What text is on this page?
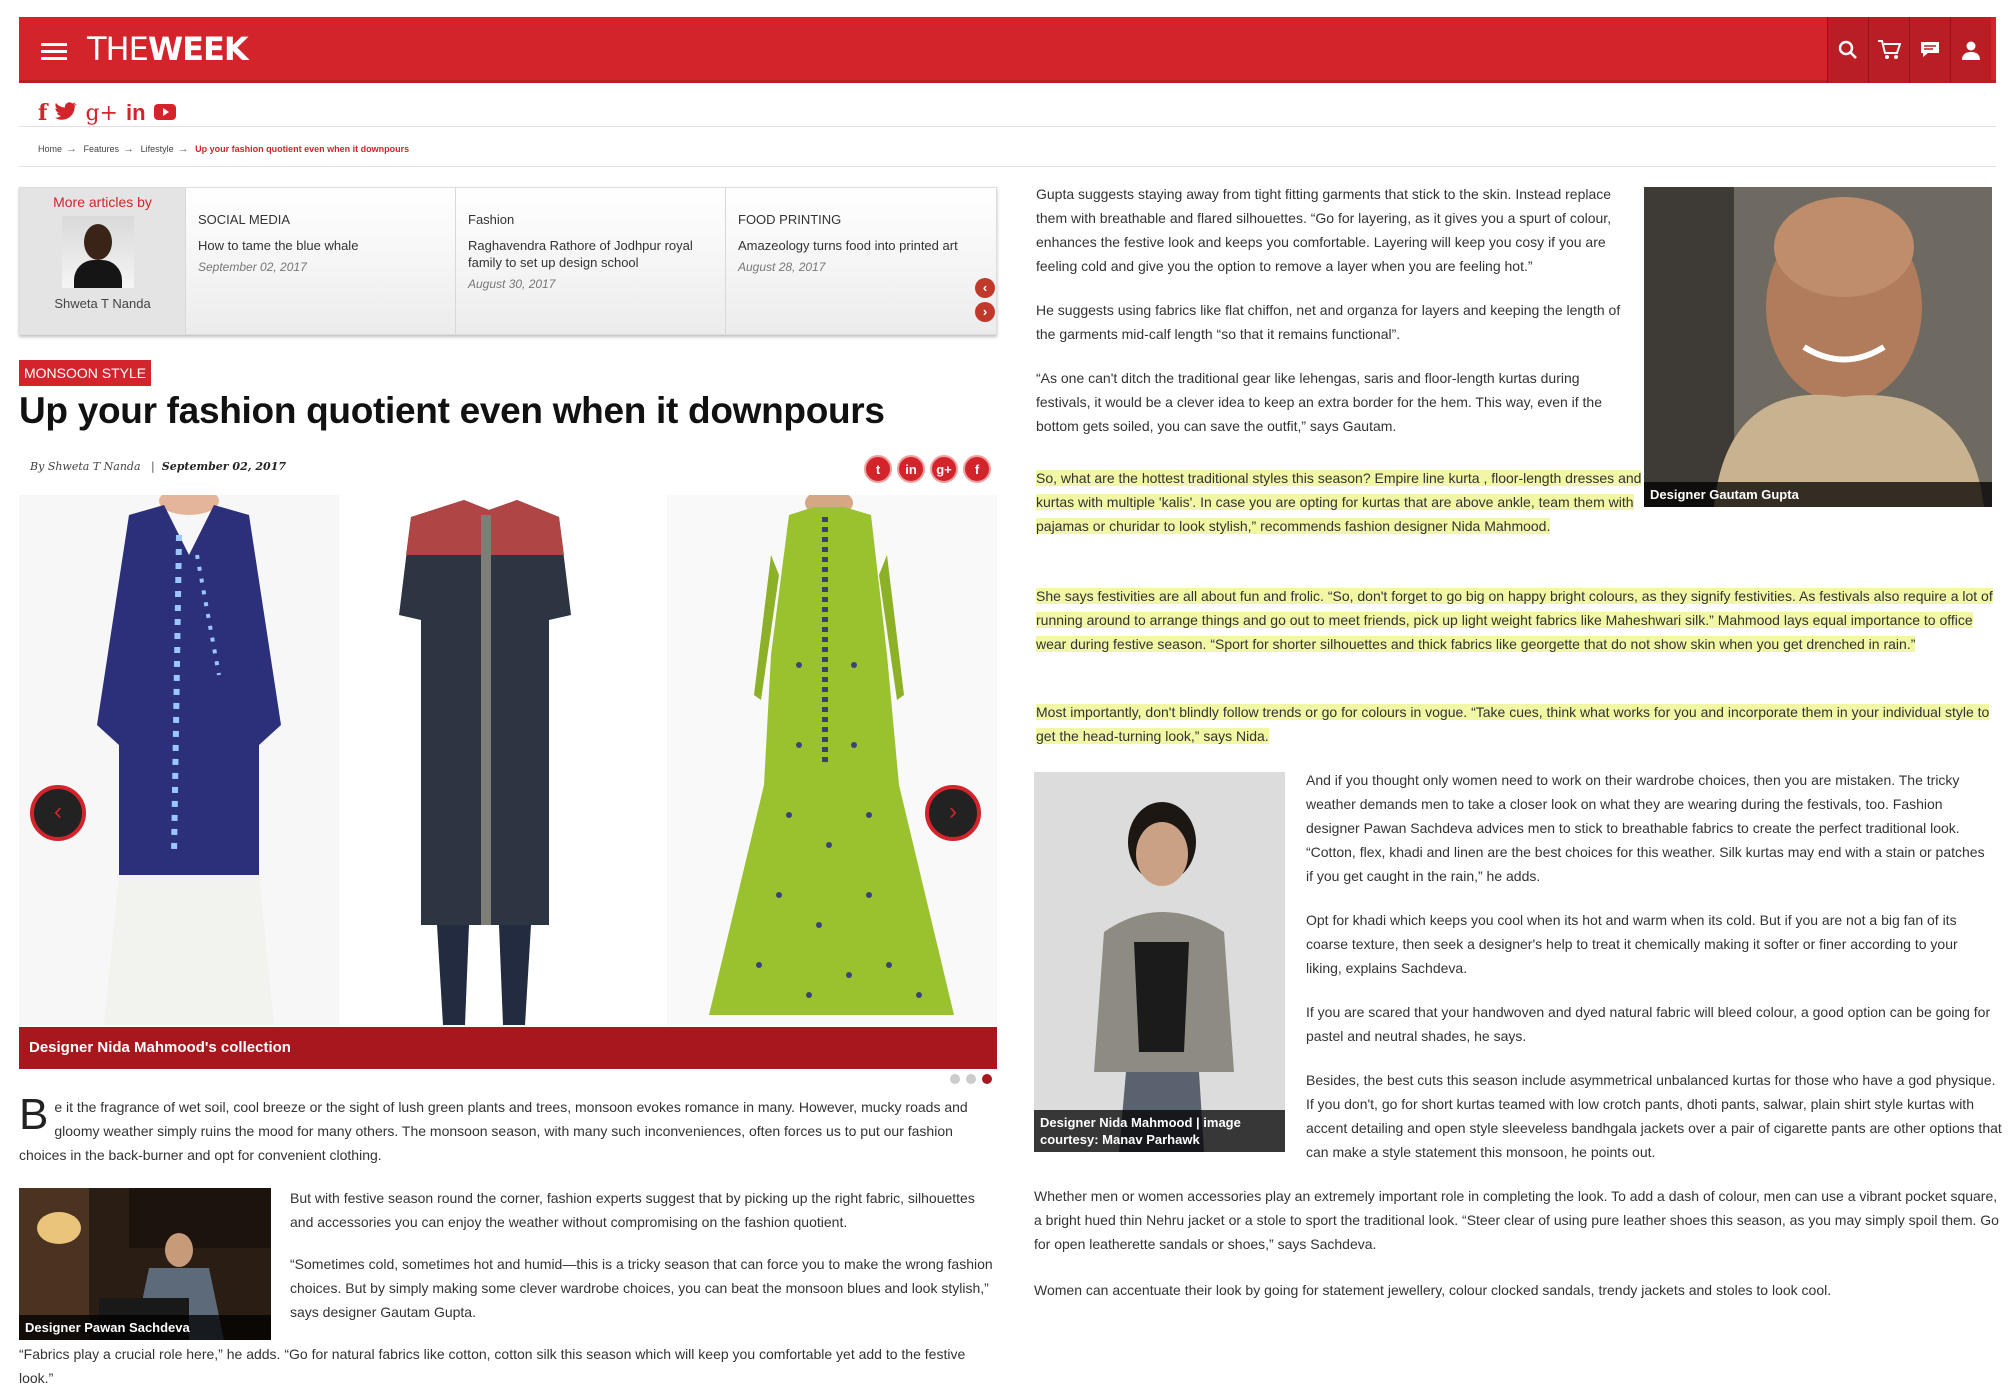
THEWEEK
f g+ in
Home → Features → Lifestyle → Up your fashion quotient even when it downpours
More articles by
Shweta T Nanda
SOCIAL MEDIA
How to tame the blue whale
September 02, 2017
Fashion
Raghavendra Rathore of Jodhpur royal family to set up design school
August 30, 2017
FOOD PRINTING
Amazeology turns food into printed art
August 28, 2017
‹
›
MONSOON STYLE
Up your fashion quotient even when it downpours
By Shweta T Nanda   |  September 02, 2017	t	in	g+	f
‹	›
Designer Nida Mahmood's collection

Be it the fragrance of wet soil, cool breeze or the sight of lush green plants and trees, monsoon evokes romance in many. However, mucky roads and gloomy weather simply ruins the mood for many others. The monsoon season, with many such inconveniences, often forces us to put our fashion choices in the back-burner and opt for convenient clothing.

Designer Pawan Sachdeva

But with festive season round the corner, fashion experts suggest that by picking up the right fabric, silhouettes and accessories you can enjoy the weather without compromising on the fashion quotient.

“Sometimes cold, sometimes hot and humid—this is a tricky season that can force you to make the wrong fashion choices. But by simply making some clever wardrobe choices, you can beat the monsoon blues and look stylish,” says designer Gautam Gupta.

“Fabrics play a crucial role here,” he adds. “Go for natural fabrics like cotton, cotton silk this season which will keep you comfortable yet add to the festive look.”

Gupta suggests staying away from tight fitting garments that stick to the skin. Instead replace them with breathable and flared silhouettes. “Go for layering, as it gives you a spurt of colour, enhances the festive look and keeps you comfortable. Layering will keep you cosy if you are feeling cold and give you the option to remove a layer when you are feeling hot.”

He suggests using fabrics like flat chiffon, net and organza for layers and keeping the length of the garments mid-calf length “so that it remains functional”.

“As one can't ditch the traditional gear like lehengas, saris and floor-length kurtas during festivals, it would be a clever idea to keep an extra border for the hem. This way, even if the bottom gets soiled, you can save the outfit,” says Gautam.

Designer Gautam Gupta

So, what are the hottest traditional styles this season? Empire line kurta , floor-length dresses and kurtas with multiple 'kalis'. In case you are opting for kurtas that are above ankle, team them with pajamas or churidar to look stylish,” recommends fashion designer Nida Mahmood.

She says festivities are all about fun and frolic. “So, don't forget to go big on happy bright colours, as they signify festivities. As festivals also require a lot of running around to arrange things and go out to meet friends, pick up light weight fabrics like Maheshwari silk.” Mahmood lays equal importance to office wear during festive season. “Sport for shorter silhouettes and thick fabrics like georgette that do not show skin when you get drenched in rain.”

Most importantly, don't blindly follow trends or go for colours in vogue. “Take cues, think what works for you and incorporate them in your individual style to get the head-turning look,” says Nida.

Designer Nida Mahmood | image courtesy: Manav Parhawk

And if you thought only women need to work on their wardrobe choices, then you are mistaken. The tricky weather demands men to take a closer look on what they are wearing during the festivals, too. Fashion designer Pawan Sachdeva advices men to stick to breathable fabrics to create the perfect traditional look. “Cotton, flex, khadi and linen are the best choices for this weather. Silk kurtas may end with a stain or patches if you get caught in the rain,” he adds.

Opt for khadi which keeps you cool when its hot and warm when its cold. But if you are not a big fan of its coarse texture, then seek a designer's help to treat it chemically making it softer or finer according to your liking, explains Sachdeva.

If you are scared that your handwoven and dyed natural fabric will bleed colour, a good option can be going for pastel and neutral shades, he says.

Besides, the best cuts this season include asymmetrical unbalanced kurtas for those who have a god physique. If you don't, go for short kurtas teamed with low crotch pants, dhoti pants, salwar, plain shirt style kurtas with accent detailing and open style sleeveless bandhgala jackets over a pair of cigarette pants are other options that can make a style statement this monsoon, he points out.

Whether men or women accessories play an extremely important role in completing the look. To add a dash of colour, men can use a vibrant pocket square, a bright hued thin Nehru jacket or a stole to sport the traditional look. “Steer clear of using pure leather shoes this season, as you may simply spoil them. Go for open leatherette sandals or shoes,” says Sachdeva.

Women can accentuate their look by going for statement jewellery, colour clocked sandals, trendy jackets and stoles to look cool.
